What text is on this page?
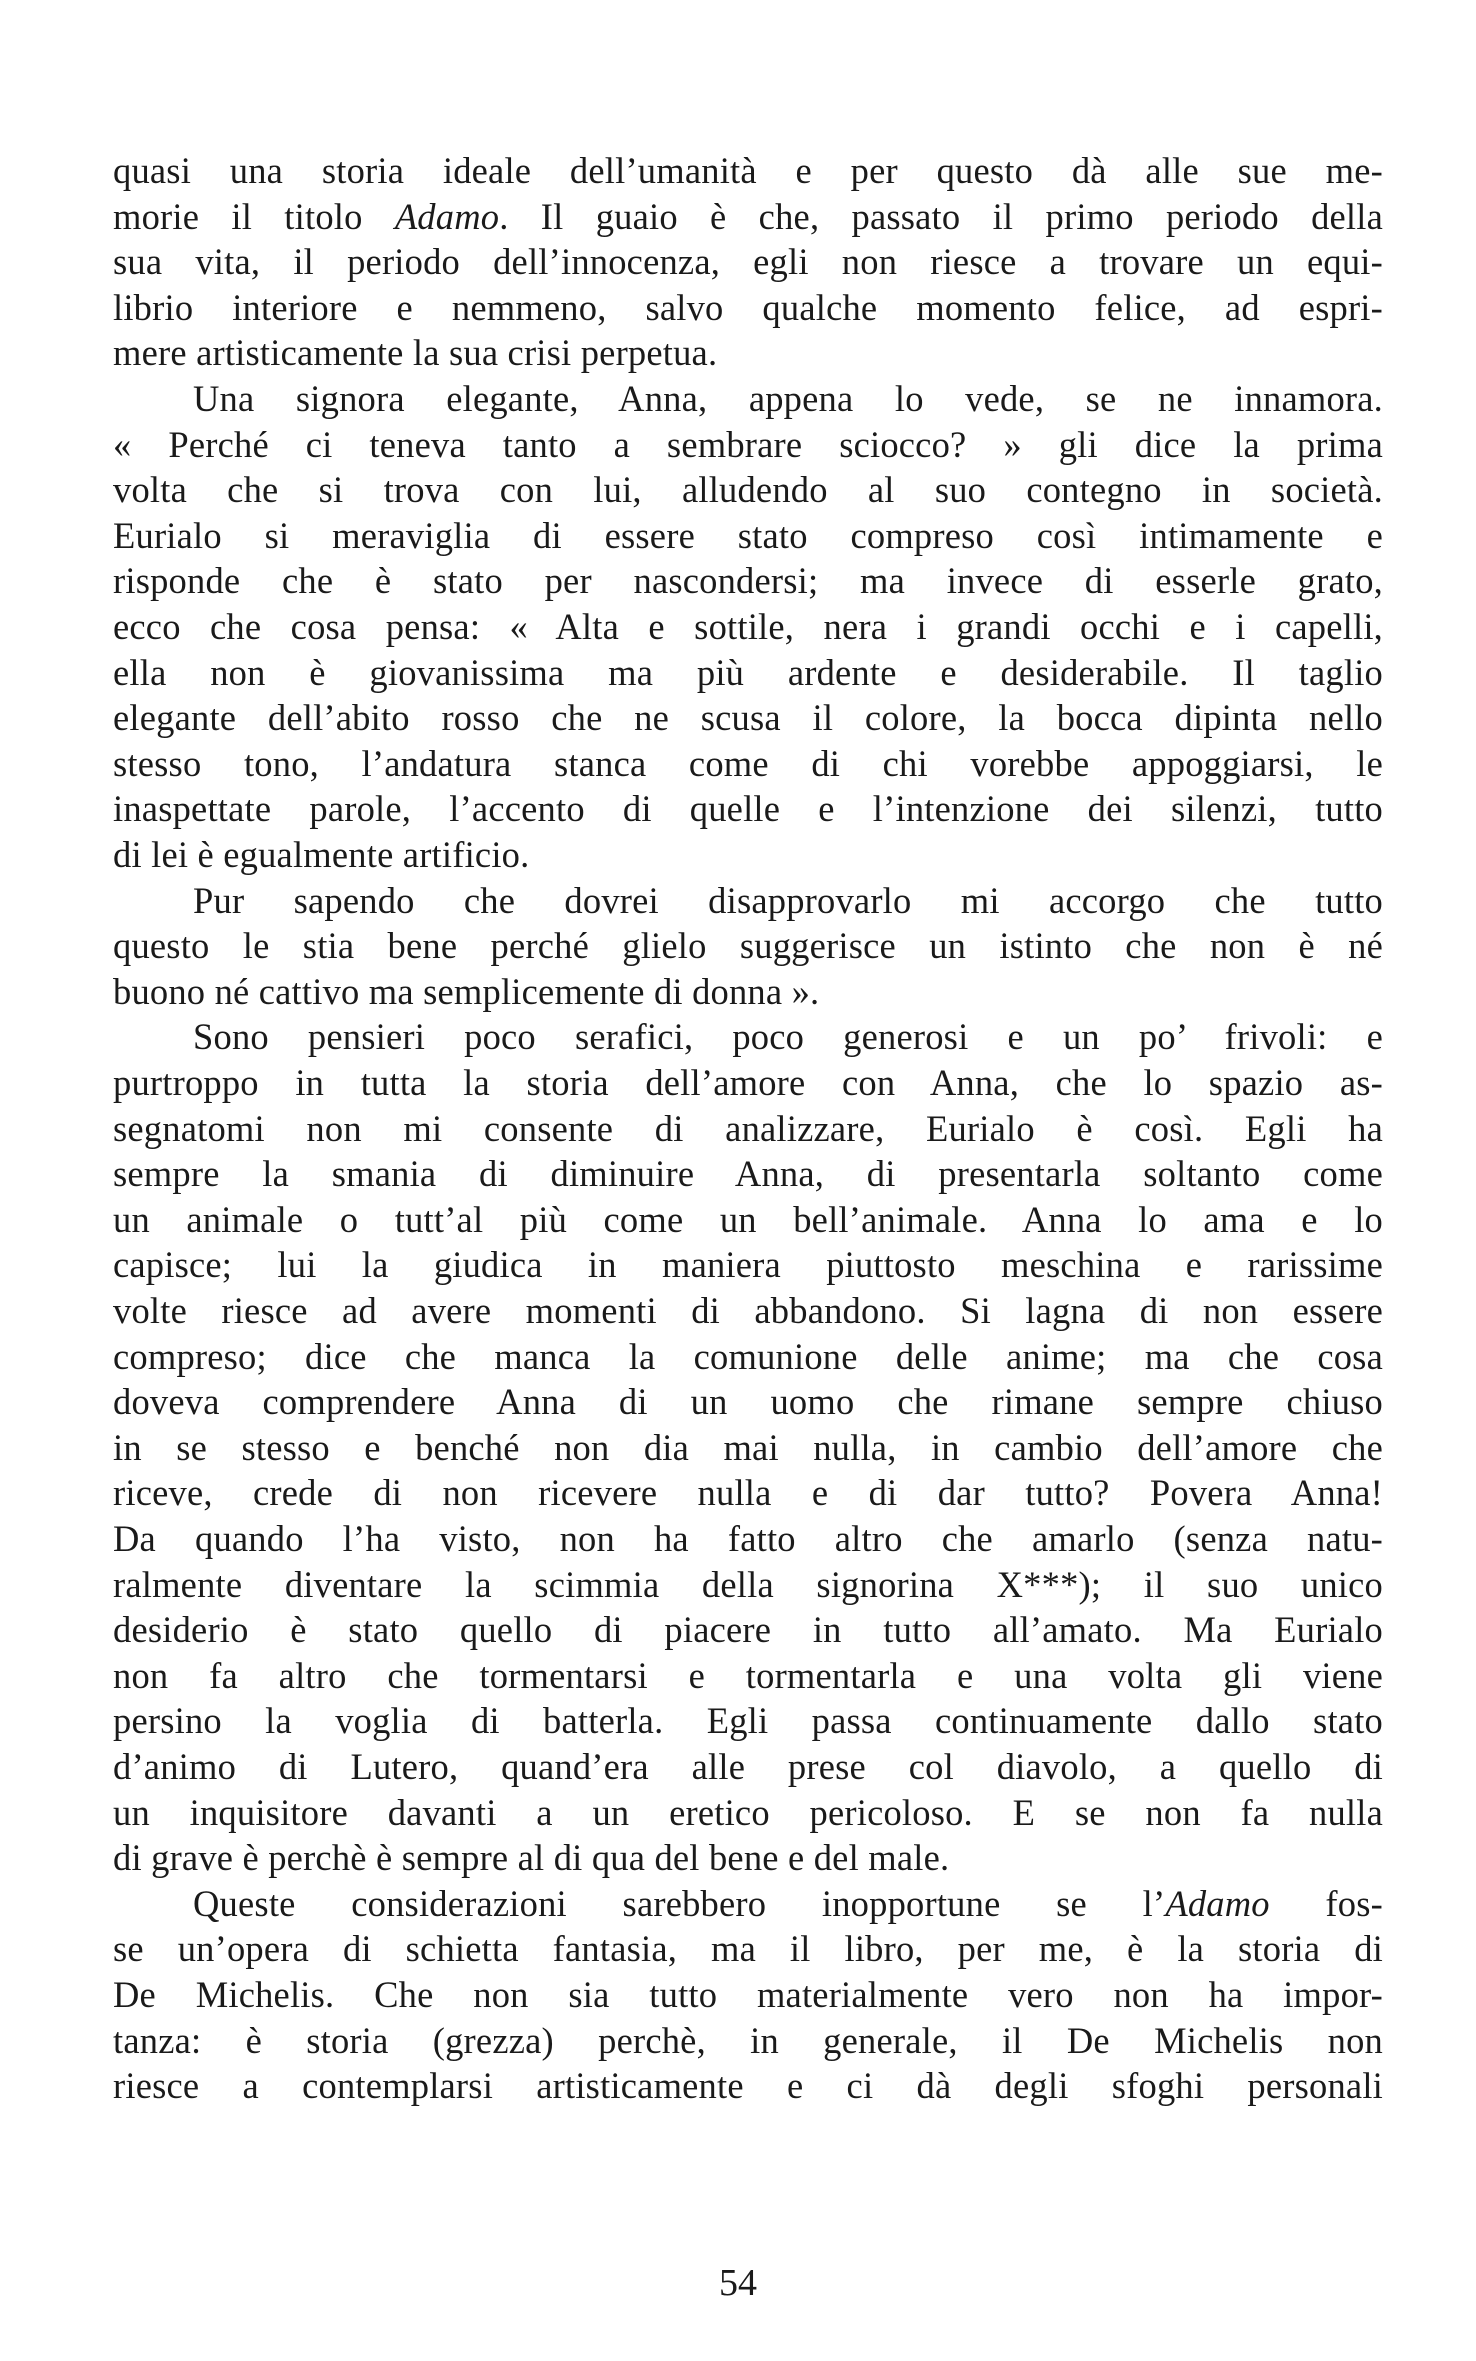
quasi una storia ideale dell’umanità e per questo dà alle sue me-
morie il titolo Adamo. Il guaio è che, passato il primo periodo della
sua vita, il periodo dell’innocenza, egli non riesce a trovare un equi-
librio interiore e nemmeno, salvo qualche momento felice, ad espri-
mere artisticamente la sua crisi perpetua.
Una signora elegante, Anna, appena lo vede, se ne innamora.
« Perché ci teneva tanto a sembrare sciocco? » gli dice la prima
volta che si trova con lui, alludendo al suo contegno in società.
Eurialo si meraviglia di essere stato compreso così intimamente e
risponde che è stato per nascondersi; ma invece di esserle grato,
ecco che cosa pensa: « Alta e sottile, nera i grandi occhi e i capelli,
ella non è giovanissima ma più ardente e desiderabile. Il taglio
elegante dell’abito rosso che ne scusa il colore, la bocca dipinta nello
stesso tono, l’andatura stanca come di chi vorebbe appoggiarsi, le
inaspettate parole, l’accento di quelle e l’intenzione dei silenzi, tutto
di lei è egualmente artificio.
Pur sapendo che dovrei disapprovarlo mi accorgo che tutto
questo le stia bene perché glielo suggerisce un istinto che non è né
buono né cattivo ma semplicemente di donna ».
Sono pensieri poco serafici, poco generosi e un po’ frivoli: e
purtroppo in tutta la storia dell’amore con Anna, che lo spazio as-
segnatomi non mi consente di analizzare, Eurialo è così. Egli ha
sempre la smania di diminuire Anna, di presentarla soltanto come
un animale o tutt’al più come un bell’animale. Anna lo ama e lo
capisce; lui la giudica in maniera piuttosto meschina e rarissime
volte riesce ad avere momenti di abbandono. Si lagna di non essere
compreso; dice che manca la comunione delle anime; ma che cosa
doveva comprendere Anna di un uomo che rimane sempre chiuso
in se stesso e benché non dia mai nulla, in cambio dell’amore che
riceve, crede di non ricevere nulla e di dar tutto? Povera Anna!
Da quando l’ha visto, non ha fatto altro che amarlo (senza natu-
ralmente diventare la scimmia della signorina X***); il suo unico
desiderio è stato quello di piacere in tutto all’amato. Ma Eurialo
non fa altro che tormentarsi e tormentarla e una volta gli viene
persino la voglia di batterla. Egli passa continuamente dallo stato
d’animo di Lutero, quand’era alle prese col diavolo, a quello di
un inquisitore davanti a un eretico pericoloso. E se non fa nulla
di grave è perchè è sempre al di qua del bene e del male.
Queste considerazioni sarebbero inopportune se l’Adamo fos-
se un’opera di schietta fantasia, ma il libro, per me, è la storia di
De Michelis. Che non sia tutto materialmente vero non ha impor-
tanza: è storia (grezza) perchè, in generale, il De Michelis non
riesce a contemplarsi artisticamente e ci dà degli sfoghi personali
54
